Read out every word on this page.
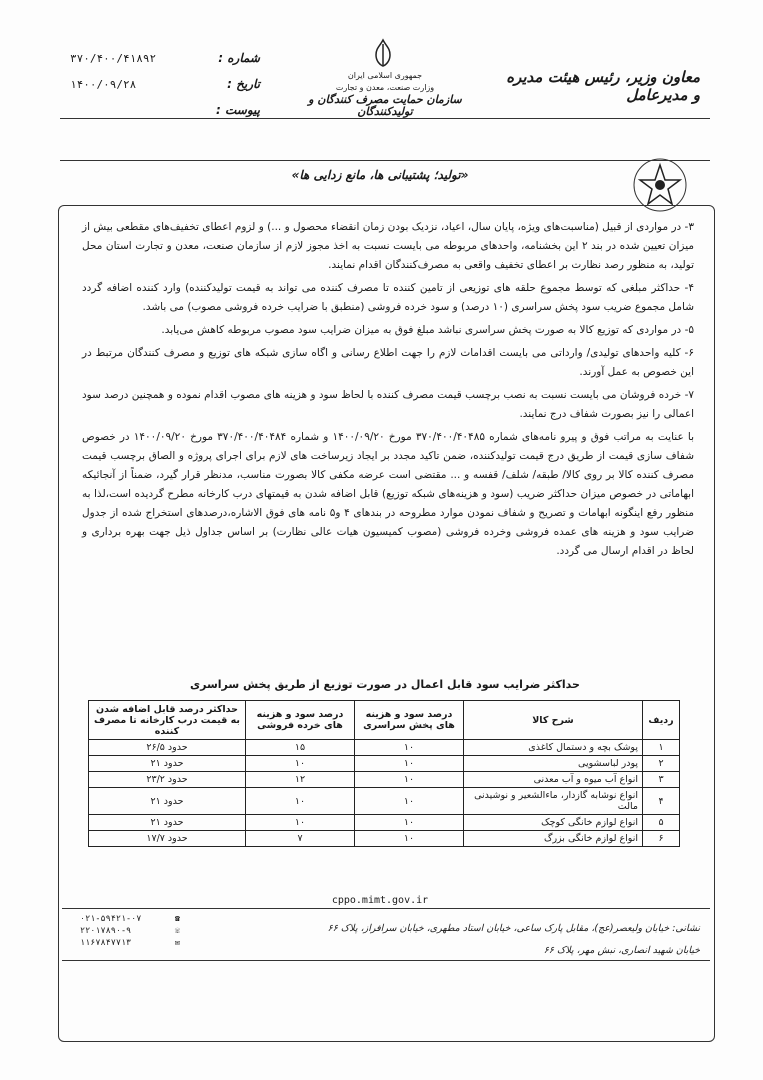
شماره :
۳۷۰/۴۰۰/۴۱۸۹۲
تاریخ :
۱۴۰۰/۰۹/۲۸
پیوست :
جمهوری اسلامی ایران
وزارت صنعت، معدن و تجارت
سازمان حمایت مصرف کنندگان و تولیدکنندگان
معاون وزیر، رئیس هیئت مدیره و مدیرعامل
«تولید؛ پشتیبانی ها، مانع زدایی ها»

۳- در مواردی از قبیل (مناسبت‌های ویژه، پایان سال، اعیاد، نزدیک بودن زمان انقضاء محصول و ...) و لزوم اعطای تخفیف‌های مقطعی بیش از میزان تعیین شده در بند ۲ این بخشنامه، واحدهای مربوطه می بایست نسبت به اخذ مجوز لازم از سازمان صنعت، معدن و تجارت استان محل تولید، به منظور رصد نظارت بر اعطای تخفیف واقعی به مصرف‌کنندگان اقدام نمایند.

۴- حداکثر مبلغی که توسط مجموع حلقه های توزیعی از تامین کننده تا مصرف کننده می تواند به قیمت تولیدکننده) وارد کننده اضافه گردد شامل مجموع ضریب سود پخش سراسری (۱۰ درصد) و سود خرده فروشی (منطبق با ضرایب خرده فروشی مصوب) می باشد.

۵- در مواردی که توزیع کالا به صورت پخش سراسری نباشد مبلغ فوق به میزان ضرایب سود مصوب مربوطه کاهش می‌یابد.

۶- کلیه واحدهای تولیدی/ وارداتی می بایست اقدامات لازم را جهت اطلاع رسانی و اگاه سازی شبکه های توزیع و مصرف کنندگان مرتبط در این خصوص به عمل آورند.

۷- خرده فروشان می بایست نسبت به نصب برچسب قیمت مصرف کننده با لحاظ سود و هزینه های مصوب اقدام نموده و همچنین درصد سود اعمالی را نیز بصورت شفاف درج نمایند.

با عنایت به مراتب فوق و پیرو نامه‌های شماره ۳۷۰/۴۰۰/۴۰۴۸۵ مورخ ۱۴۰۰/۰۹/۲۰ و شماره ۳۷۰/۴۰۰/۴۰۴۸۴ مورخ ۱۴۰۰/۰۹/۲۰ در خصوص شفاف سازی قیمت از طریق درج قیمت تولیدکننده، ضمن تاکید مجدد بر ایجاد زیرساخت های لازم برای اجرای پروژه و الصاق برچسب قیمت مصرف کننده کالا بر روی کالا/ طبقه/ شلف/ قفسه و ... مقتضی است عرضه مکفی کالا بصورت مناسب، مدنظر قرار گیرد، ضمناً از آنجائیکه ابهاماتی در خصوص میزان حداکثر ضریب (سود و هزینه‌های شبکه توزیع) قابل اضافه شدن به قیمتهای درب کارخانه مطرح گردیده است،لذا به منظور رفع اینگونه ابهامات و تصریح و شفاف نمودن موارد مطروحه در بندهای ۴ و۵ نامه های فوق الاشاره،درصدهای استخراج شده از جدول ضرایب سود و هزینه های عمده فروشی وخرده فروشی (مصوب کمیسیون هیات عالی نظارت) بر اساس جداول ذیل جهت بهره برداری و لحاظ در اقدام ارسال می گردد.

حداکثر ضرایب سود قابل اعمال در صورت توزیع از طریق پخش سراسری
ردیف	شرح کالا	درصد سود و هزینه های پخش سراسری	درصد سود و هزینه های خرده فروشی	حداکثر درصد قابل اضافه شدن به قیمت درب کارخانه تا مصرف کننده
۱	پوشک بچه و دستمال کاغذی	۱۰	۱۵	حدود ۲۶/۵
۲	پودر لباسشویی	۱۰	۱۰	حدود ۲۱
۳	انواع آب میوه و آب معدنی	۱۰	۱۲	حدود ۲۳/۲
۴	انواع نوشابه گازدار، ماءالشعیر و نوشیدنی مالت	۱۰	۱۰	حدود ۲۱
۵	انواع لوازم خانگی کوچک	۱۰	۱۰	حدود ۲۱
۶	انواع لوازم خانگی بزرگ	۱۰	۷	حدود ۱۷/۷
cppo.mimt.gov.ir
نشانی: خیابان ولیعصر(عج)، مقابل پارک ساعی، خیابان استاد مطهری، خیابان سرافراز، پلاک ۶۶
خیابان شهید انصاری، نبش مهر، پلاک ۶۶
۰۲۱-۵۹۴۲۱-۰۷	☎
۲۲۰۱۷۸۹۰-۹	☏
۱۱۶۷۸۴۷۷۱۳	✉
